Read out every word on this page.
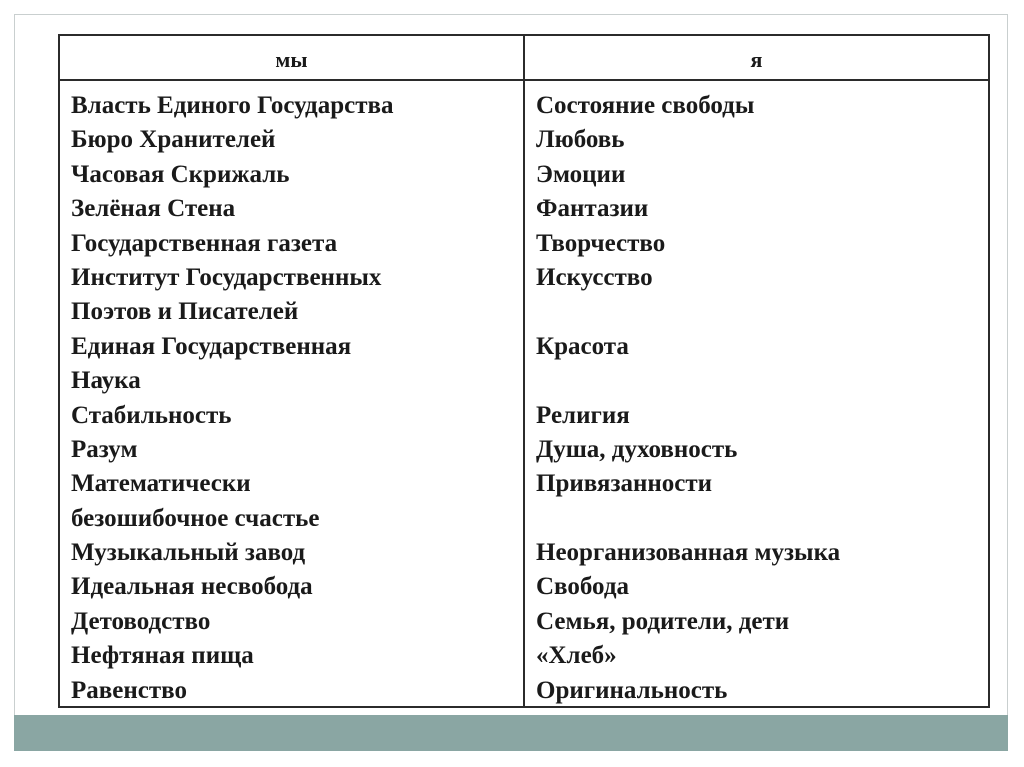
мы	я
Власть Единого Государства
Бюро Хранителей
Часовая Скрижаль
Зелёная Стена
Государственная газета
Институт Государственных
Поэтов и Писателей
Единая Государственная
Наука
Стабильность
Разум
Математически
безошибочное счастье
Музыкальный завод
Идеальная несвобода
Детоводство
Нефтяная пища
Равенство
Состояние свободы
Любовь
Эмоции
Фантазии
Творчество
Искусство
Красота
Религия
Душа, духовность
Привязанности
Неорганизованная музыка
Свобода
Семья, родители, дети
«Хлеб»
Оригинальность
